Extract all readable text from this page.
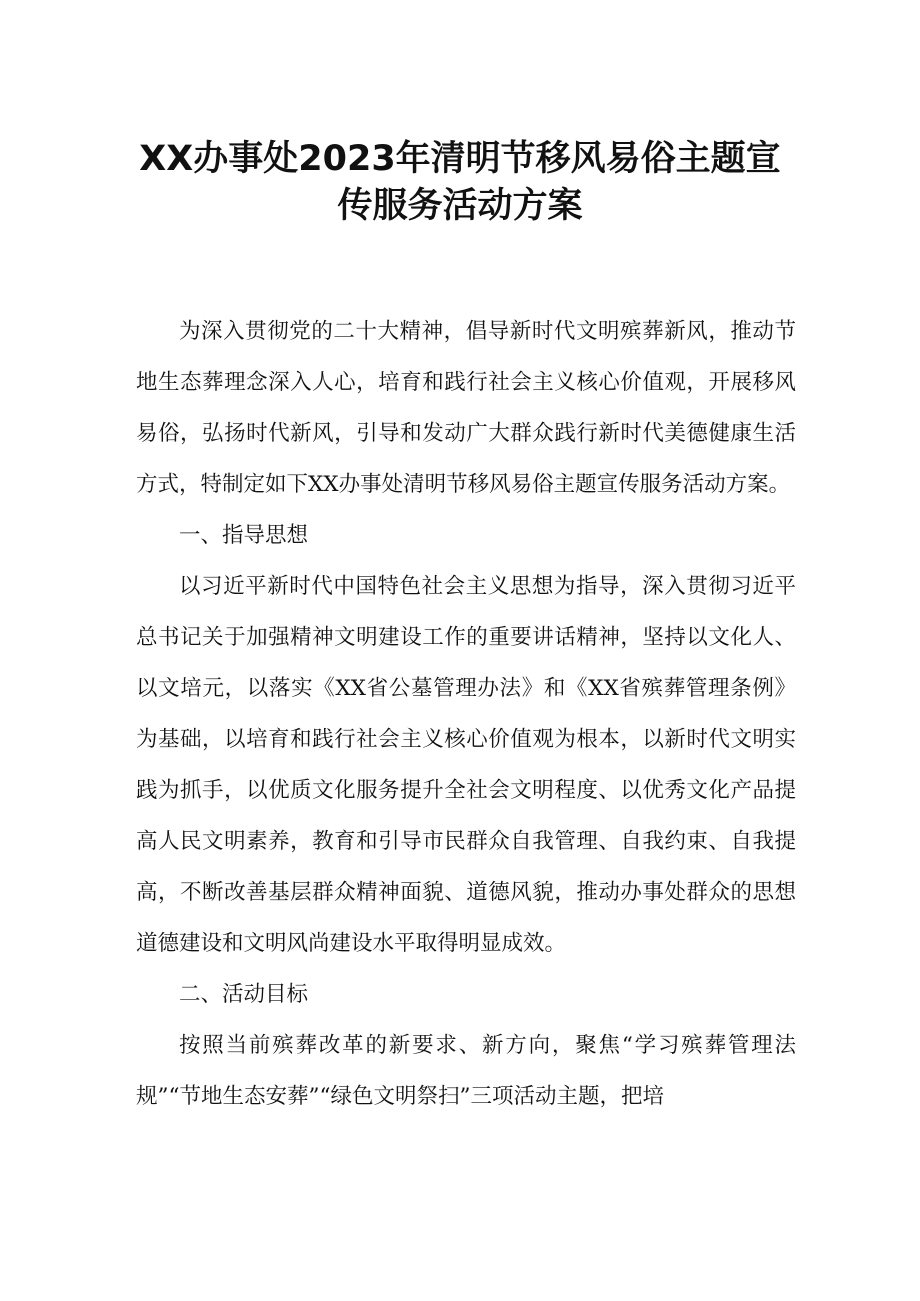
XX办事处2023年清明节移风易俗主题宣
传服务活动方案

为深入贯彻党的二十大精神，倡导新时代文明殡葬新风，推动节地生态葬理念深入人心，培育和践行社会主义核心价值观，开展移风易俗，弘扬时代新风，引导和发动广大群众践行新时代美德健康生活方式，特制定如下XX办事处清明节移风易俗主题宣传服务活动方案。

一、指导思想

以习近平新时代中国特色社会主义思想为指导，深入贯彻习近平总书记关于加强精神文明建设工作的重要讲话精神，坚持以文化人、以文培元，以落实《XX省公墓管理办法》和《XX省殡葬管理条例》为基础，以培育和践行社会主义核心价值观为根本，以新时代文明实践为抓手，以优质文化服务提升全社会文明程度、以优秀文化产品提高人民文明素养，教育和引导市民群众自我管理、自我约束、自我提高，不断改善基层群众精神面貌、道德风貌，推动办事处群众的思想道德建设和文明风尚建设水平取得明显成效。

二、活动目标

按照当前殡葬改革的新要求、新方向，聚焦“学习殡葬管理法规”“节地生态安葬”“绿色文明祭扫”三项活动主题，把培
